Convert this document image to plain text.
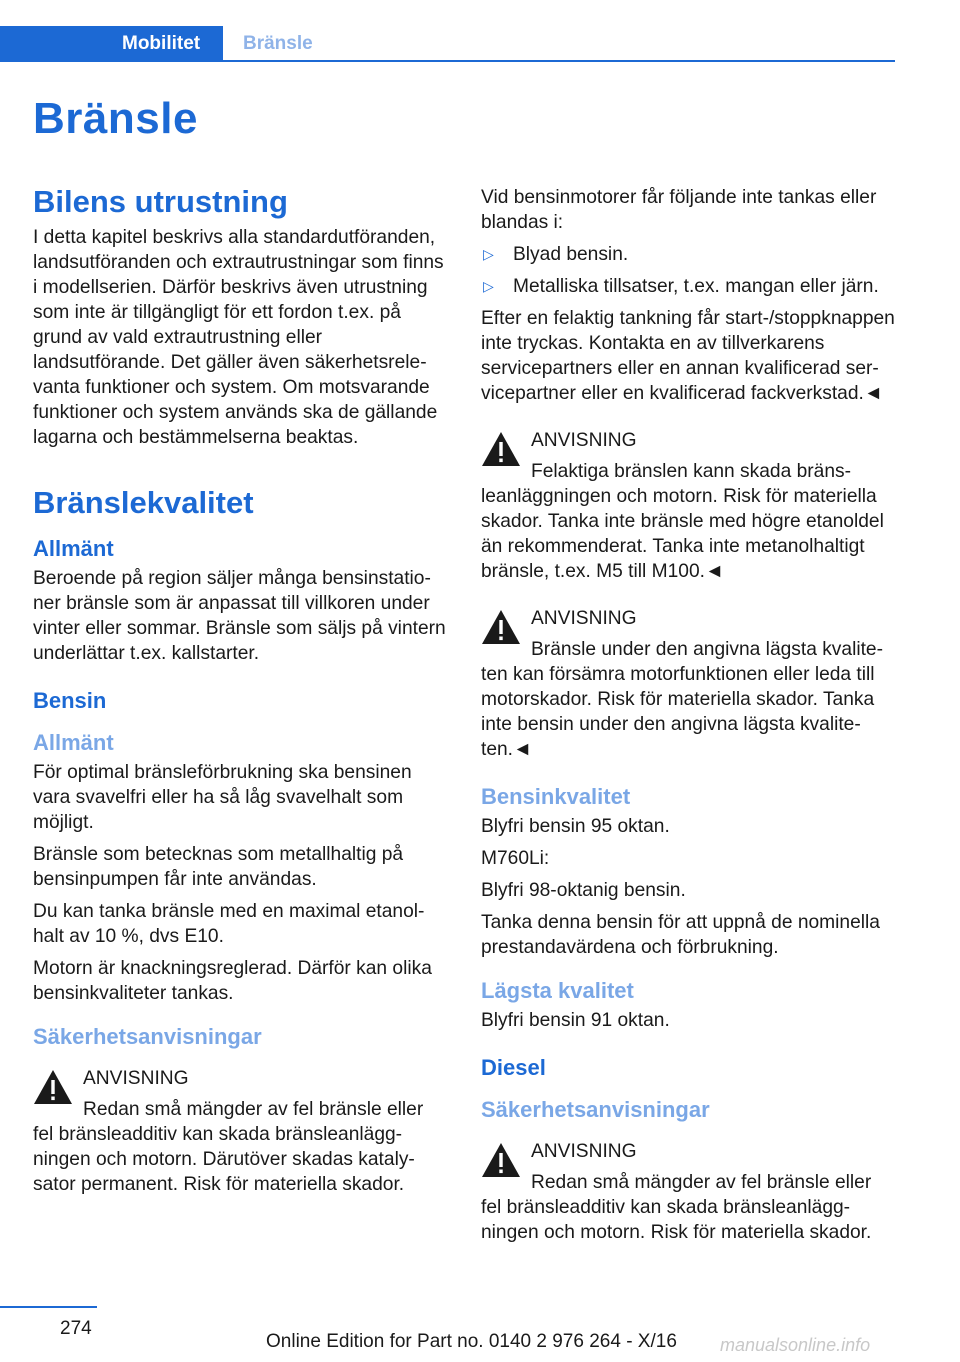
Mobilitet	Bränsle
Bränsle
Bilens utrustning

I detta kapitel beskrivs alla standardutföranden, landsutföranden och extrautrustningar som finns i modellserien. Därför beskrivs även utrustning som inte är tillgängligt för ett fordon t.ex. på grund av vald extrautrustning eller landsutförande. Det gäller även säkerhetsrelevanta funktioner och system. Om motsvarande funktioner och system används ska de gällande lagarna och bestämmelserna beaktas.

Bränslekvalitet
Allmänt

Beroende på region säljer många bensinstationer bränsle som är anpassat till villkoren under vinter eller sommar. Bränsle som säljs på vintern underlättar t.ex. kallstarter.

Bensin
Allmänt

För optimal bränsleförbrukning ska bensinen vara svavelfri eller ha så låg svavelhalt som möjligt.

Bränsle som betecknas som metallhaltig på bensinpumpen får inte användas.

Du kan tanka bränsle med en maximal etanolhalt av 10 %, dvs E10.

Motorn är knackningsreglerad. Därför kan olika bensinkvaliteter tankas.

Säkerhetsanvisningar
ANVISNING
Redan små mängder av fel bränsle eller fel bränsleadditiv kan skada bränsleanläggningen och motorn. Därutöver skadas katalysator permanent. Risk för materiella skador.

Vid bensinmotorer får följande inte tankas eller blandas i:

▷ Blyad bensin.
▷ Metalliska tillsatser, t.ex. mangan eller järn.

Efter en felaktig tankning får start-/stoppknappen inte tryckas. Kontakta en av tillverkarens servicepartners eller en annan kvalificerad servicepartner eller en kvalificerad fackverkstad.◄

ANVISNING
Felaktiga bränslen kann skada bränsleanläggningen och motorn. Risk för materiella skador. Tanka inte bränsle med högre etanoldel än rekommenderat. Tanka inte metanolhaltigt bränsle, t.ex. M5 till M100.◄
ANVISNING
Bränsle under den angivna lägsta kvaliteten kan försämra motorfunktionen eller leda till motorskador. Risk för materiella skador. Tanka inte bensin under den angivna lägsta kvaliteten.◄
Bensinkvalitet

Blyfri bensin 95 oktan.

M760Li:

Blyfri 98-oktanig bensin.

Tanka denna bensin för att uppnå de nominella prestandavärdena och förbrukning.

Lägsta kvalitet

Blyfri bensin 91 oktan.

Diesel
Säkerhetsanvisningar
ANVISNING
Redan små mängder av fel bränsle eller fel bränsleadditiv kan skada bränsleanläggningen och motorn. Risk för materiella skador.
274
Online Edition for Part no. 0140 2 976 264 - X/16 manualsonline.info
